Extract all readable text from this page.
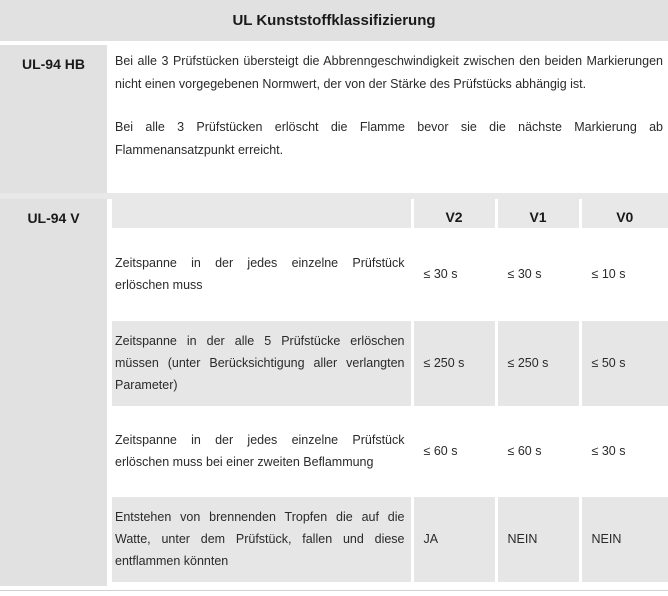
UL Kunststoffklassifizierung
UL-94 HB	Bei alle 3 Prüfstücken übersteigt die Abbrenngeschwindigkeit zwischen den beiden Markierungen nicht einen vorgegebenen Normwert, der von der Stärke des Prüfstücks abhängig ist.

Bei alle 3 Prüfstücken erlöscht die Flamme bevor sie die nächste Markierung ab Flammenansatzpunkt erreicht.

UL-94 V
		V2	V1	V0
Zeitspanne in der jedes einzelne Prüfstück erlöschen muss	≤ 30 s	≤ 30 s	≤ 10 s
Zeitspanne in der alle 5 Prüfstücke erlöschen müssen (unter Berücksichtigung aller verlangten Parameter)	≤ 250 s	≤ 250 s	≤ 50 s
Zeitspanne in der jedes einzelne Prüfstück erlöschen muss bei einer zweiten Beflammung	≤ 60 s	≤ 60 s	≤ 30 s
Entstehen von brennenden Tropfen die auf die Watte, unter dem Prüfstück, fallen und diese entflammen könnten	JA	NEIN	NEIN
